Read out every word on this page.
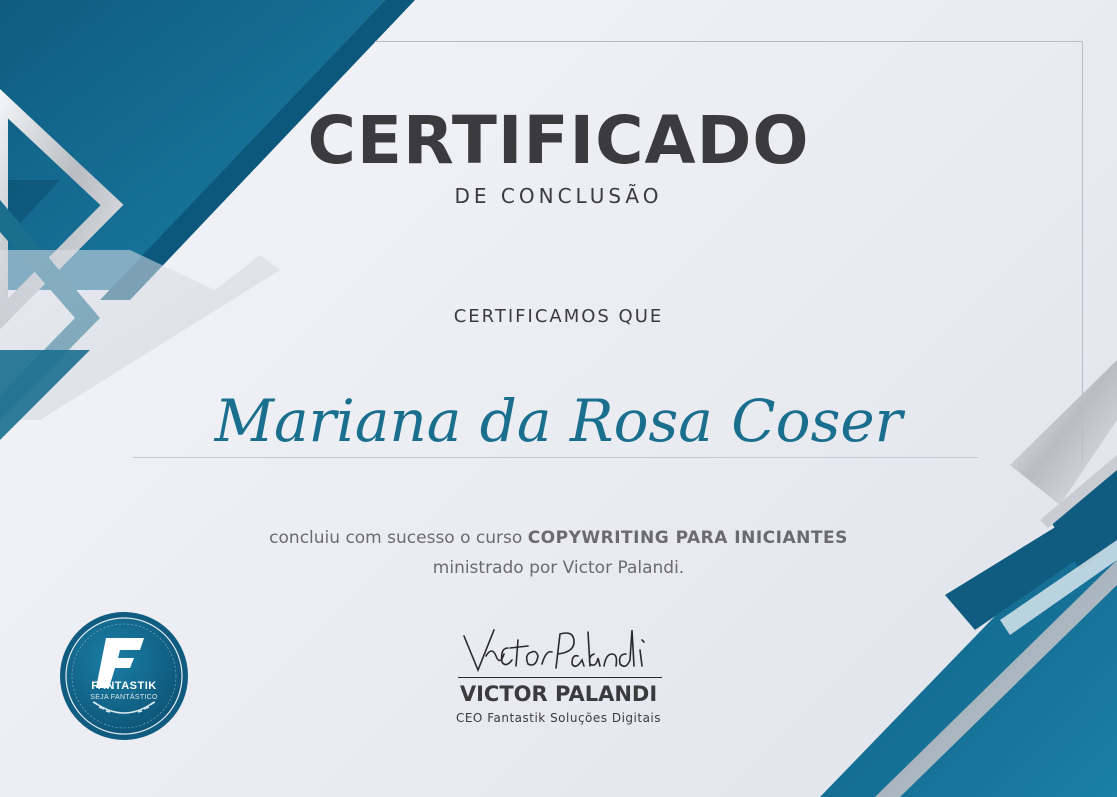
CERTIFICADO
DE CONCLUSÃO
CERTIFICAMOS QUE
Mariana da Rosa Coser
concluiu com sucesso o curso COPYWRITING PARA INICIANTES
ministrado por Victor Palandi.
VICTOR PALANDI
CEO Fantastik Soluções Digitais
FANTASTIK
SEJA FANTÁSTICO
